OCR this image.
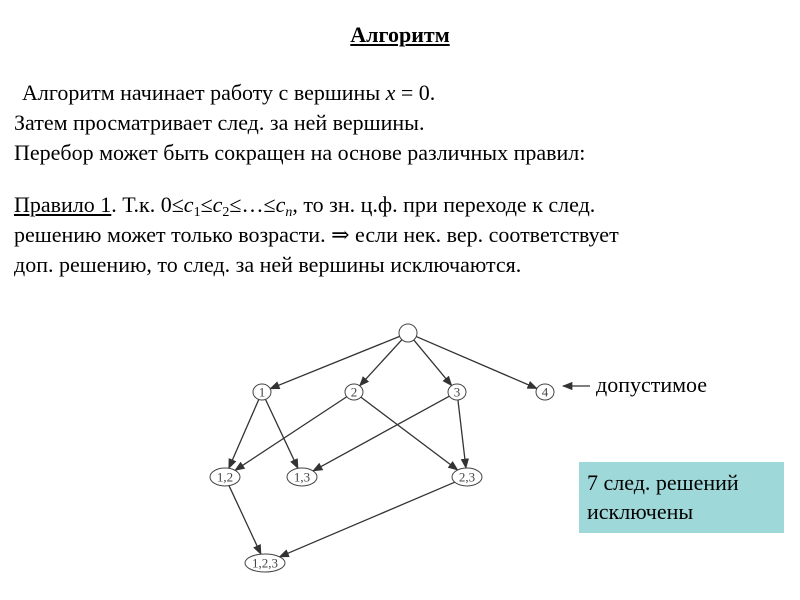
Алгоритм
Алгоритм начинает работу с вершины x = 0.
Затем просматривает след. за ней вершины.
Перебор может быть сокращен на основе различных правил:
Правило 1. Т.к. $0\le c_1\le c_2\le\dots\le c_n$, то зн. ц.ф. при переходе к след.
решению может только возрасти. ⇒ если нек. вер. соответствует
доп. решению, то след. за ней вершины исключаются.
1	2	3	4
1,2	1,3	2,3
1,2,3
допустимое
7 след. решений
исключены
